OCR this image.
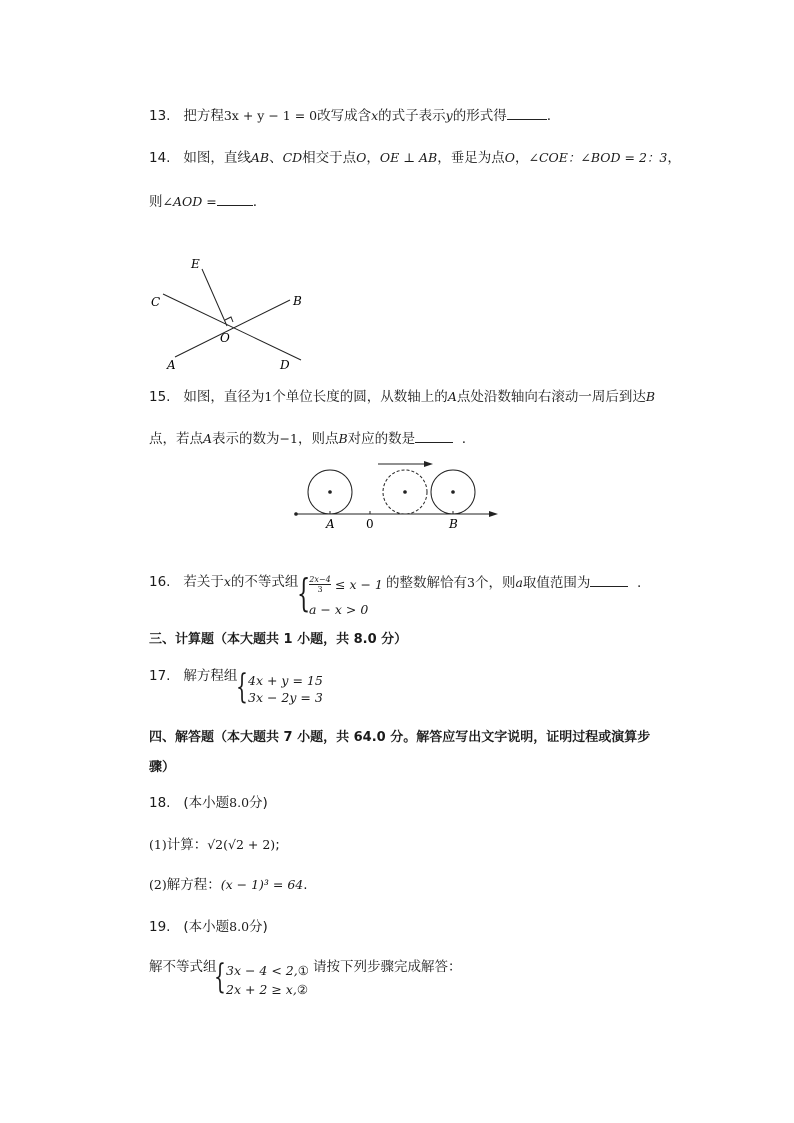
13. 把方程3x + y − 1 = 0改写成含x的式子表示y的形式得	.
14. 如图，直线AB、CD相交于点O，OE ⊥ AB，垂足为点O，∠COE：∠BOD = 2：3，
则∠AOD =	.
E
C	B
O
A	D
15. 如图，直径为1个单位长度的圆，从数轴上的A点处沿数轴向右滚动一周后到达B
点，若点A表示的数为−1，则点B对应的数是	.
A	0	B
16. 若关于x的不等式组
{
$\frac{2x-4}{3} \le x - 1$
a − x > 0
的整数解恰有3个，则a取值范围为	.
三、计算题（本大题共 1 小题，共 8.0 分）
17. 解方程组
{ 4x + y = 15
3x − 2y = 3
四、解答题（本大题共 7 小题，共 64.0 分。解答应写出文字说明，证明过程或演算步
骤）
18. (本小题8.0分)
(1)计算：√2(√2 + 2);
(2)解方程：(x − 1)³ = 64.
19. (本小题8.0分)
解不等式组
{ 3x − 4 < 2,①
2x + 2 ≥ x,②
请按下列步骤完成解答：
